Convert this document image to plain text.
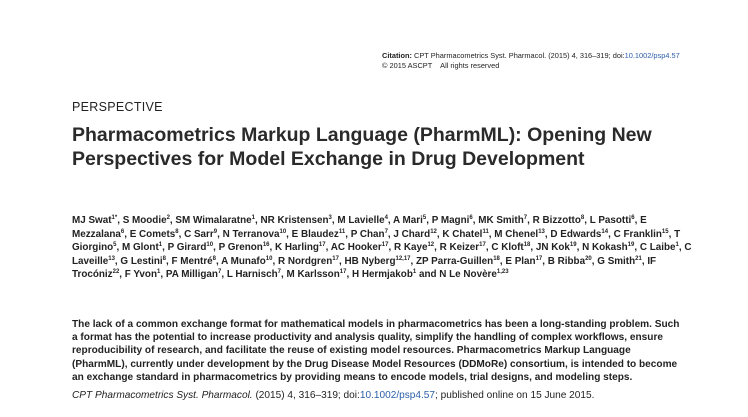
Citation: CPT Pharmacometrics Syst. Pharmacol. (2015) 4, 316–319; doi:10.1002/psp4.57
© 2015 ASCPT All rights reserved
PERSPECTIVE
Pharmacometrics Markup Language (PharmML): Opening New Perspectives for Model Exchange in Drug Development
MJ Swat$^{1*}$, S Moodie$^2$, SM Wimalaratne$^1$, NR Kristensen$^3$, M Lavielle$^4$, A Mari$^5$, P Magni$^6$, MK Smith$^7$, R Bizzotto$^8$, L Pasotti$^6$, E Mezzalana$^6$, E Comets$^8$, C Sarr$^9$, N Terranova$^{10}$, E Blaudez$^{11}$, P Chan$^7$, J Chard$^{12}$, K Chatel$^{11}$, M Chenel$^{13}$, D Edwards$^{14}$, C Franklin$^{15}$, T Giorgino$^5$, M Glont$^1$, P Girard$^{10}$, P Grenon$^{16}$, K Harling$^{17}$, AC Hooker$^{17}$, R Kaye$^{12}$, R Keizer$^{17}$, C Kloft$^{18}$, JN Kok$^{19}$, N Kokash$^{19}$, C Laibe$^1$, C Laveille$^{13}$, G Lestini$^8$, F Mentré$^8$, A Munafo$^{10}$, R Nordgren$^{17}$, HB Nyberg$^{12,17}$, ZP Parra-Guillen$^{18}$, E Plan$^{17}$, B Ribba$^{20}$, G Smith$^{21}$, IF Trocóniz$^{22}$, F Yvon$^1$, PA Milligan$^7$, L Harnisch$^7$, M Karlsson$^{17}$, H Hermjakob$^1$ and N Le Novère$^{1,23}$

The lack of a common exchange format for mathematical models in pharmacometrics has been a long-standing problem. Such a format has the potential to increase productivity and analysis quality, simplify the handling of complex workflows, ensure reproducibility of research, and facilitate the reuse of existing model resources. Pharmacometrics Markup Language (PharmML), currently under development by the Drug Disease Model Resources (DDMoRe) consortium, is intended to become an exchange standard in pharmacometrics by providing means to encode models, trial designs, and modeling steps.

CPT Pharmacometrics Syst. Pharmacol. (2015) 4, 316–319; doi:10.1002/psp4.57; published online on 15 June 2015.
